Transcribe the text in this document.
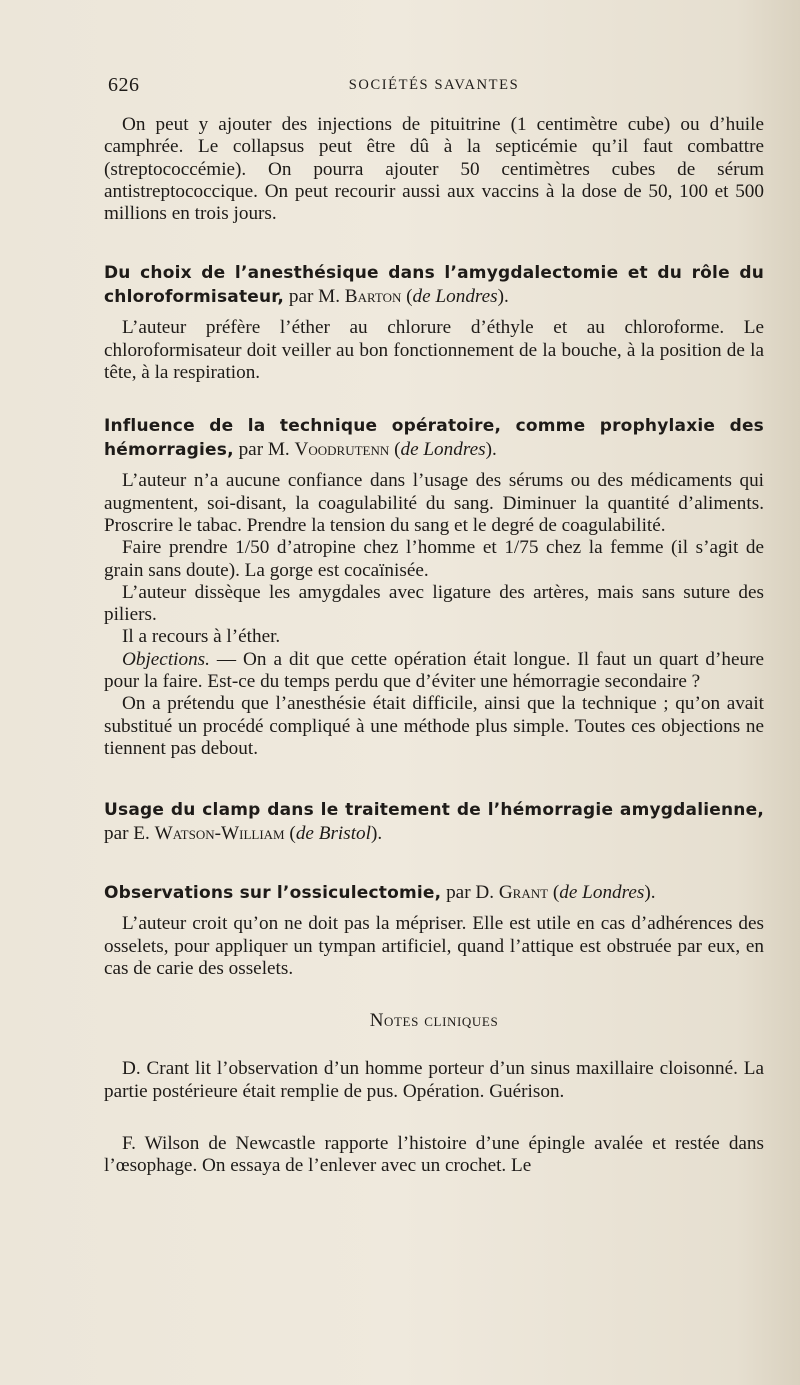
626	SOCIÉTÉS SAVANTES

On peut y ajouter des injections de pituitrine (1 centimètre cube) ou d’huile camphrée. Le collapsus peut être dû à la septicémie qu’il faut combattre (streptococcémie). On pourra ajouter 50 centimètres cubes de sérum antistreptococcique. On peut recourir aussi aux vaccins à la dose de 50, 100 et 500 millions en trois jours.

Du choix de l’anesthésique dans l’amygdalectomie et du rôle du chloroformisateur, par M. Barton (de Londres).

L’auteur préfère l’éther au chlorure d’éthyle et au chloroforme. Le chloroformisateur doit veiller au bon fonctionnement de la bouche, à la position de la tête, à la respiration.

Influence de la technique opératoire, comme prophylaxie des hémorragies, par M. Voodrutenn (de Londres).

L’auteur n’a aucune confiance dans l’usage des sérums ou des médicaments qui augmentent, soi-disant, la coagulabilité du sang. Diminuer la quantité d’aliments. Proscrire le tabac. Prendre la tension du sang et le degré de coagulabilité.

Faire prendre 1/50 d’atropine chez l’homme et 1/75 chez la femme (il s’agit de grain sans doute). La gorge est cocaïnisée.

L’auteur dissèque les amygdales avec ligature des artères, mais sans suture des piliers.

Il a recours à l’éther.

Objections. — On a dit que cette opération était longue. Il faut un quart d’heure pour la faire. Est-ce du temps perdu que d’éviter une hémorragie secondaire ?

On a prétendu que l’anesthésie était difficile, ainsi que la technique ; qu’on avait substitué un procédé compliqué à une méthode plus simple. Toutes ces objections ne tiennent pas debout.

Usage du clamp dans le traitement de l’hémorragie amygdalienne, par E. Watson-William (de Bristol).

Observations sur l’ossiculectomie, par D. Grant (de Londres).

L’auteur croit qu’on ne doit pas la mépriser. Elle est utile en cas d’adhérences des osselets, pour appliquer un tympan artificiel, quand l’attique est obstruée par eux, en cas de carie des osselets.

Notes cliniques

D. Crant lit l’observation d’un homme porteur d’un sinus maxillaire cloisonné. La partie postérieure était remplie de pus. Opération. Guérison.

F. Wilson de Newcastle rapporte l’histoire d’une épingle avalée et restée dans l’œsophage. On essaya de l’enlever avec un crochet. Le
